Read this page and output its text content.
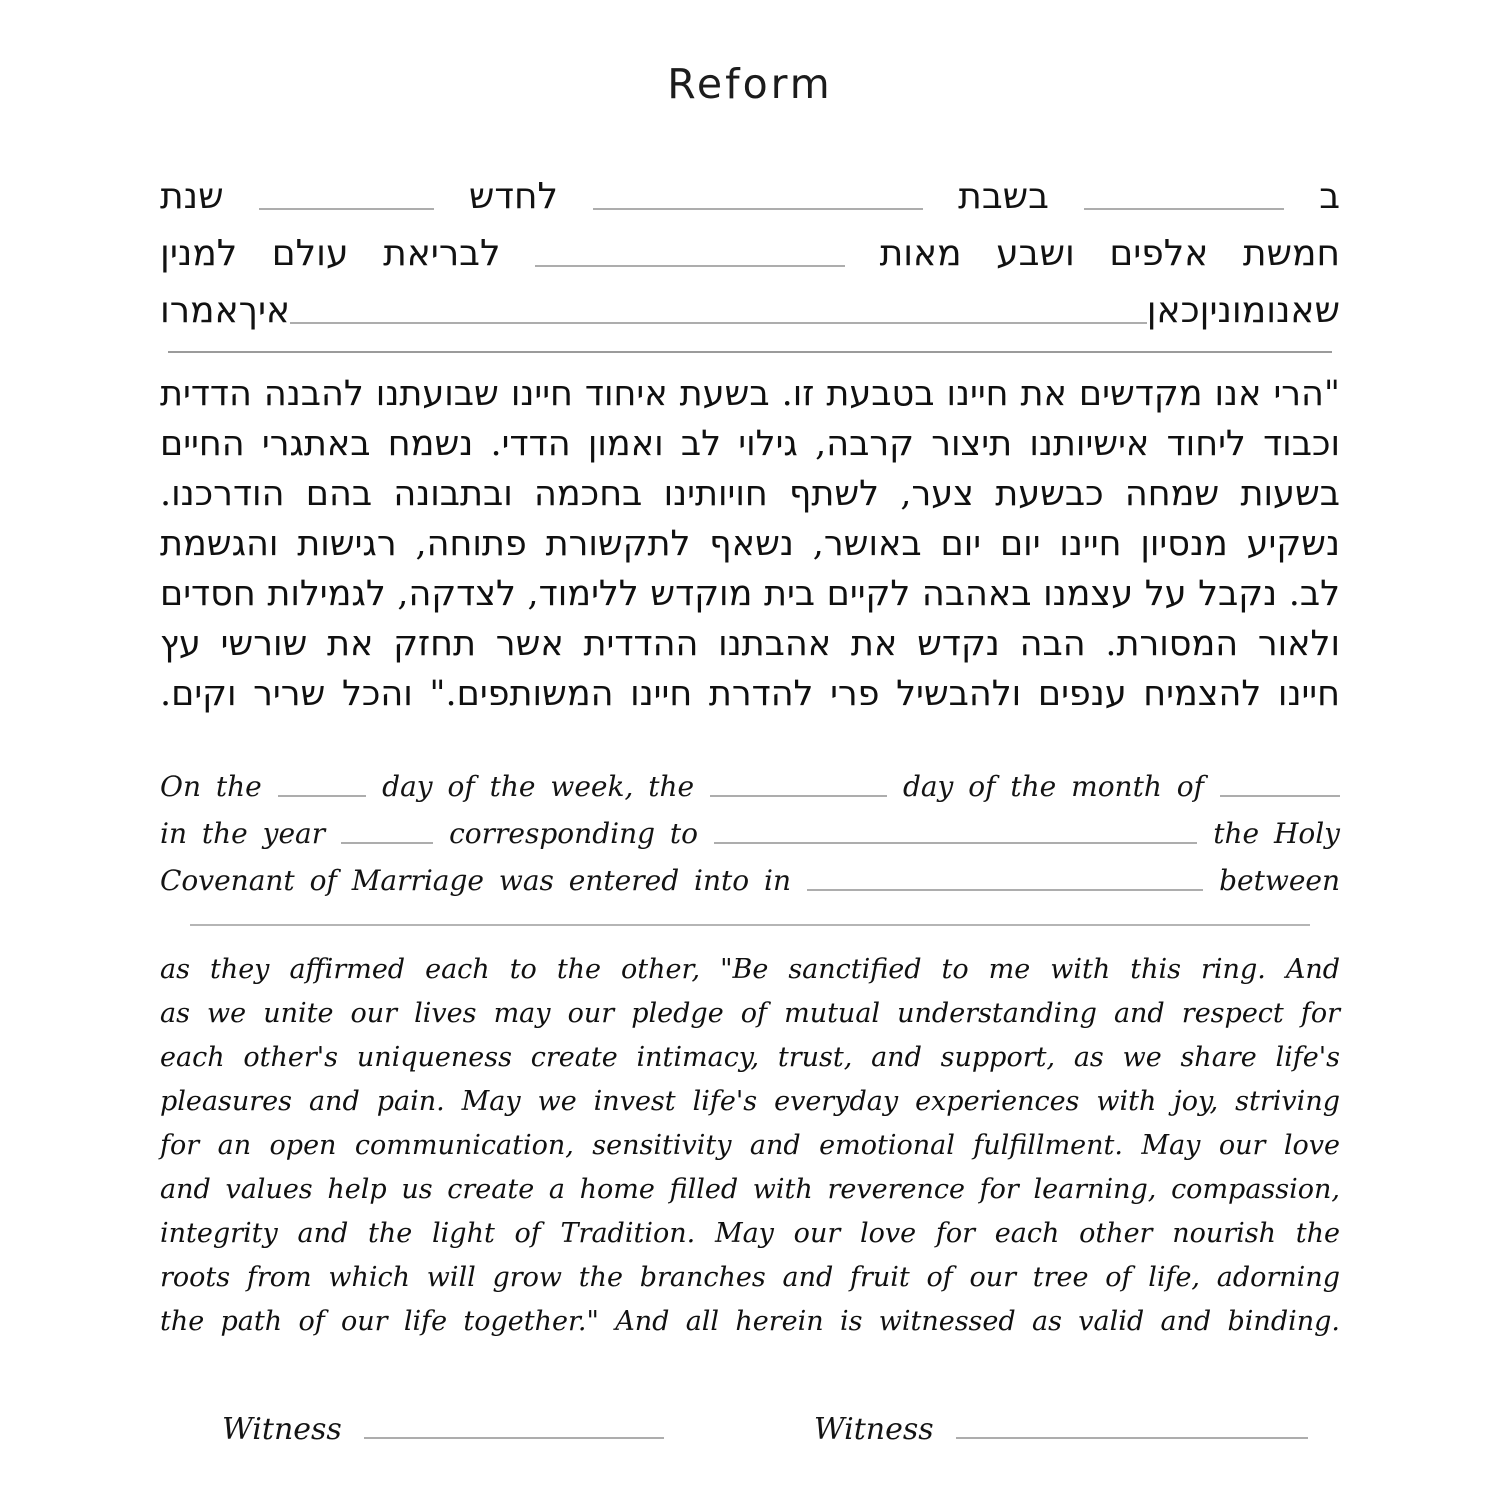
Reform
ב
בשבת
לחדש
שנת
חמשת
אלפים
ושבע
מאות
לבריאת
עולם
למנין
שאנו
מונין
כאן
איך
אמרו
"הרי אנו מקדשים את חיינו בטבעת זו. בשעת איחוד חיינו שבועתנו להבנה הדדית
וכבוד ליחוד אישיותנו תיצור קרבה, גילוי לב ואמון הדדי. נשמח באתגרי החיים
בשעות שמחה כבשעת צער, לשתף חויותינו בחכמה ובתבונה בהם הודרכנו.
נשקיע מנסיון חיינו יום יום באושר, נשאף לתקשורת פתוחה, רגישות והגשמת
לב. נקבל על עצמנו באהבה לקיים בית מוקדש ללימוד, לצדקה, לגמילות חסדים
ולאור המסורת. הבה נקדש את אהבתנו ההדדית אשר תחזק את שורשי עץ
חיינו להצמיח ענפים ולהבשיל פרי להדרת חיינו המשותפים." והכל שריר וקים.
On the	day of the week, the	day of the month of
in the year	corresponding to	the Holy
Covenant of Marriage was entered into in	between
as they affirmed each to the other, "Be sanctified to me with this ring. And
as we unite our lives may our pledge of mutual understanding and respect for
each other's uniqueness create intimacy, trust, and support, as we share life's
pleasures and pain. May we invest life's everyday experiences with joy, striving
for an open communication, sensitivity and emotional fulfillment. May our love
and values help us create a home filled with reverence for learning, compassion,
integrity and the light of Tradition. May our love for each other nourish the
roots from which will grow the branches and fruit of our tree of life, adorning
the path of our life together." And all herein is witnessed as valid and binding.
Witness	Witness
